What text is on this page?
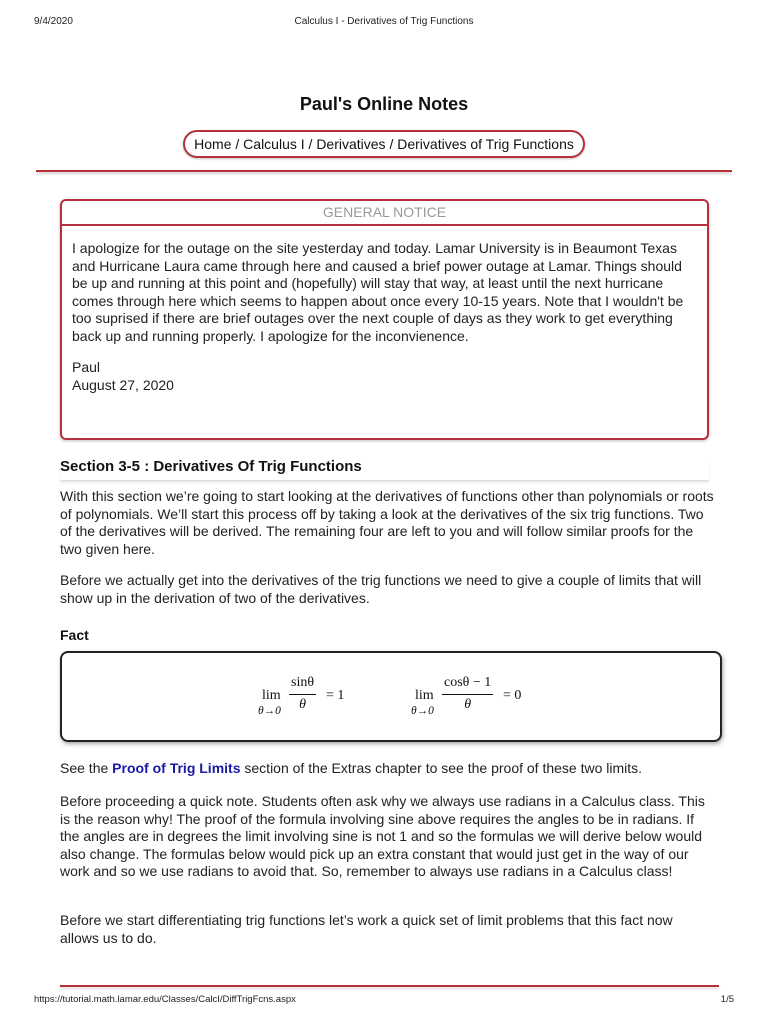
9/4/2020	Calculus I - Derivatives of Trig Functions
Paul's Online Notes
Home / Calculus I / Derivatives / Derivatives of Trig Functions
GENERAL NOTICE

I apologize for the outage on the site yesterday and today. Lamar University is in Beaumont Texas and Hurricane Laura came through here and caused a brief power outage at Lamar. Things should be up and running at this point and (hopefully) will stay that way, at least until the next hurricane comes through here which seems to happen about once every 10-15 years. Note that I wouldn't be too suprised if there are brief outages over the next couple of days as they work to get everything back up and running properly. I apologize for the inconvienence.

Paul
August 27, 2020
Section 3-5 : Derivatives Of Trig Functions

With this section we’re going to start looking at the derivatives of functions other than polynomials or roots of polynomials. We’ll start this process off by taking a look at the derivatives of the six trig functions. Two of the derivatives will be derived. The remaining four are left to you and will follow similar proofs for the two given here.

Before we actually get into the derivatives of the trig functions we need to give a couple of limits that will show up in the derivation of two of the derivatives.

Fact
lim
θ→0
sinθ
θ
= 1	lim
θ→0
cosθ − 1
θ
= 0

See the Proof of Trig Limits section of the Extras chapter to see the proof of these two limits.

Before proceeding a quick note. Students often ask why we always use radians in a Calculus class. This is the reason why! The proof of the formula involving sine above requires the angles to be in radians. If the angles are in degrees the limit involving sine is not 1 and so the formulas we will derive below would also change. The formulas below would pick up an extra constant that would just get in the way of our work and so we use radians to avoid that. So, remember to always use radians in a Calculus class!

Before we start differentiating trig functions let’s work a quick set of limit problems that this fact now allows us to do.

https://tutorial.math.lamar.edu/Classes/CalcI/DiffTrigFcns.aspx	1/5
